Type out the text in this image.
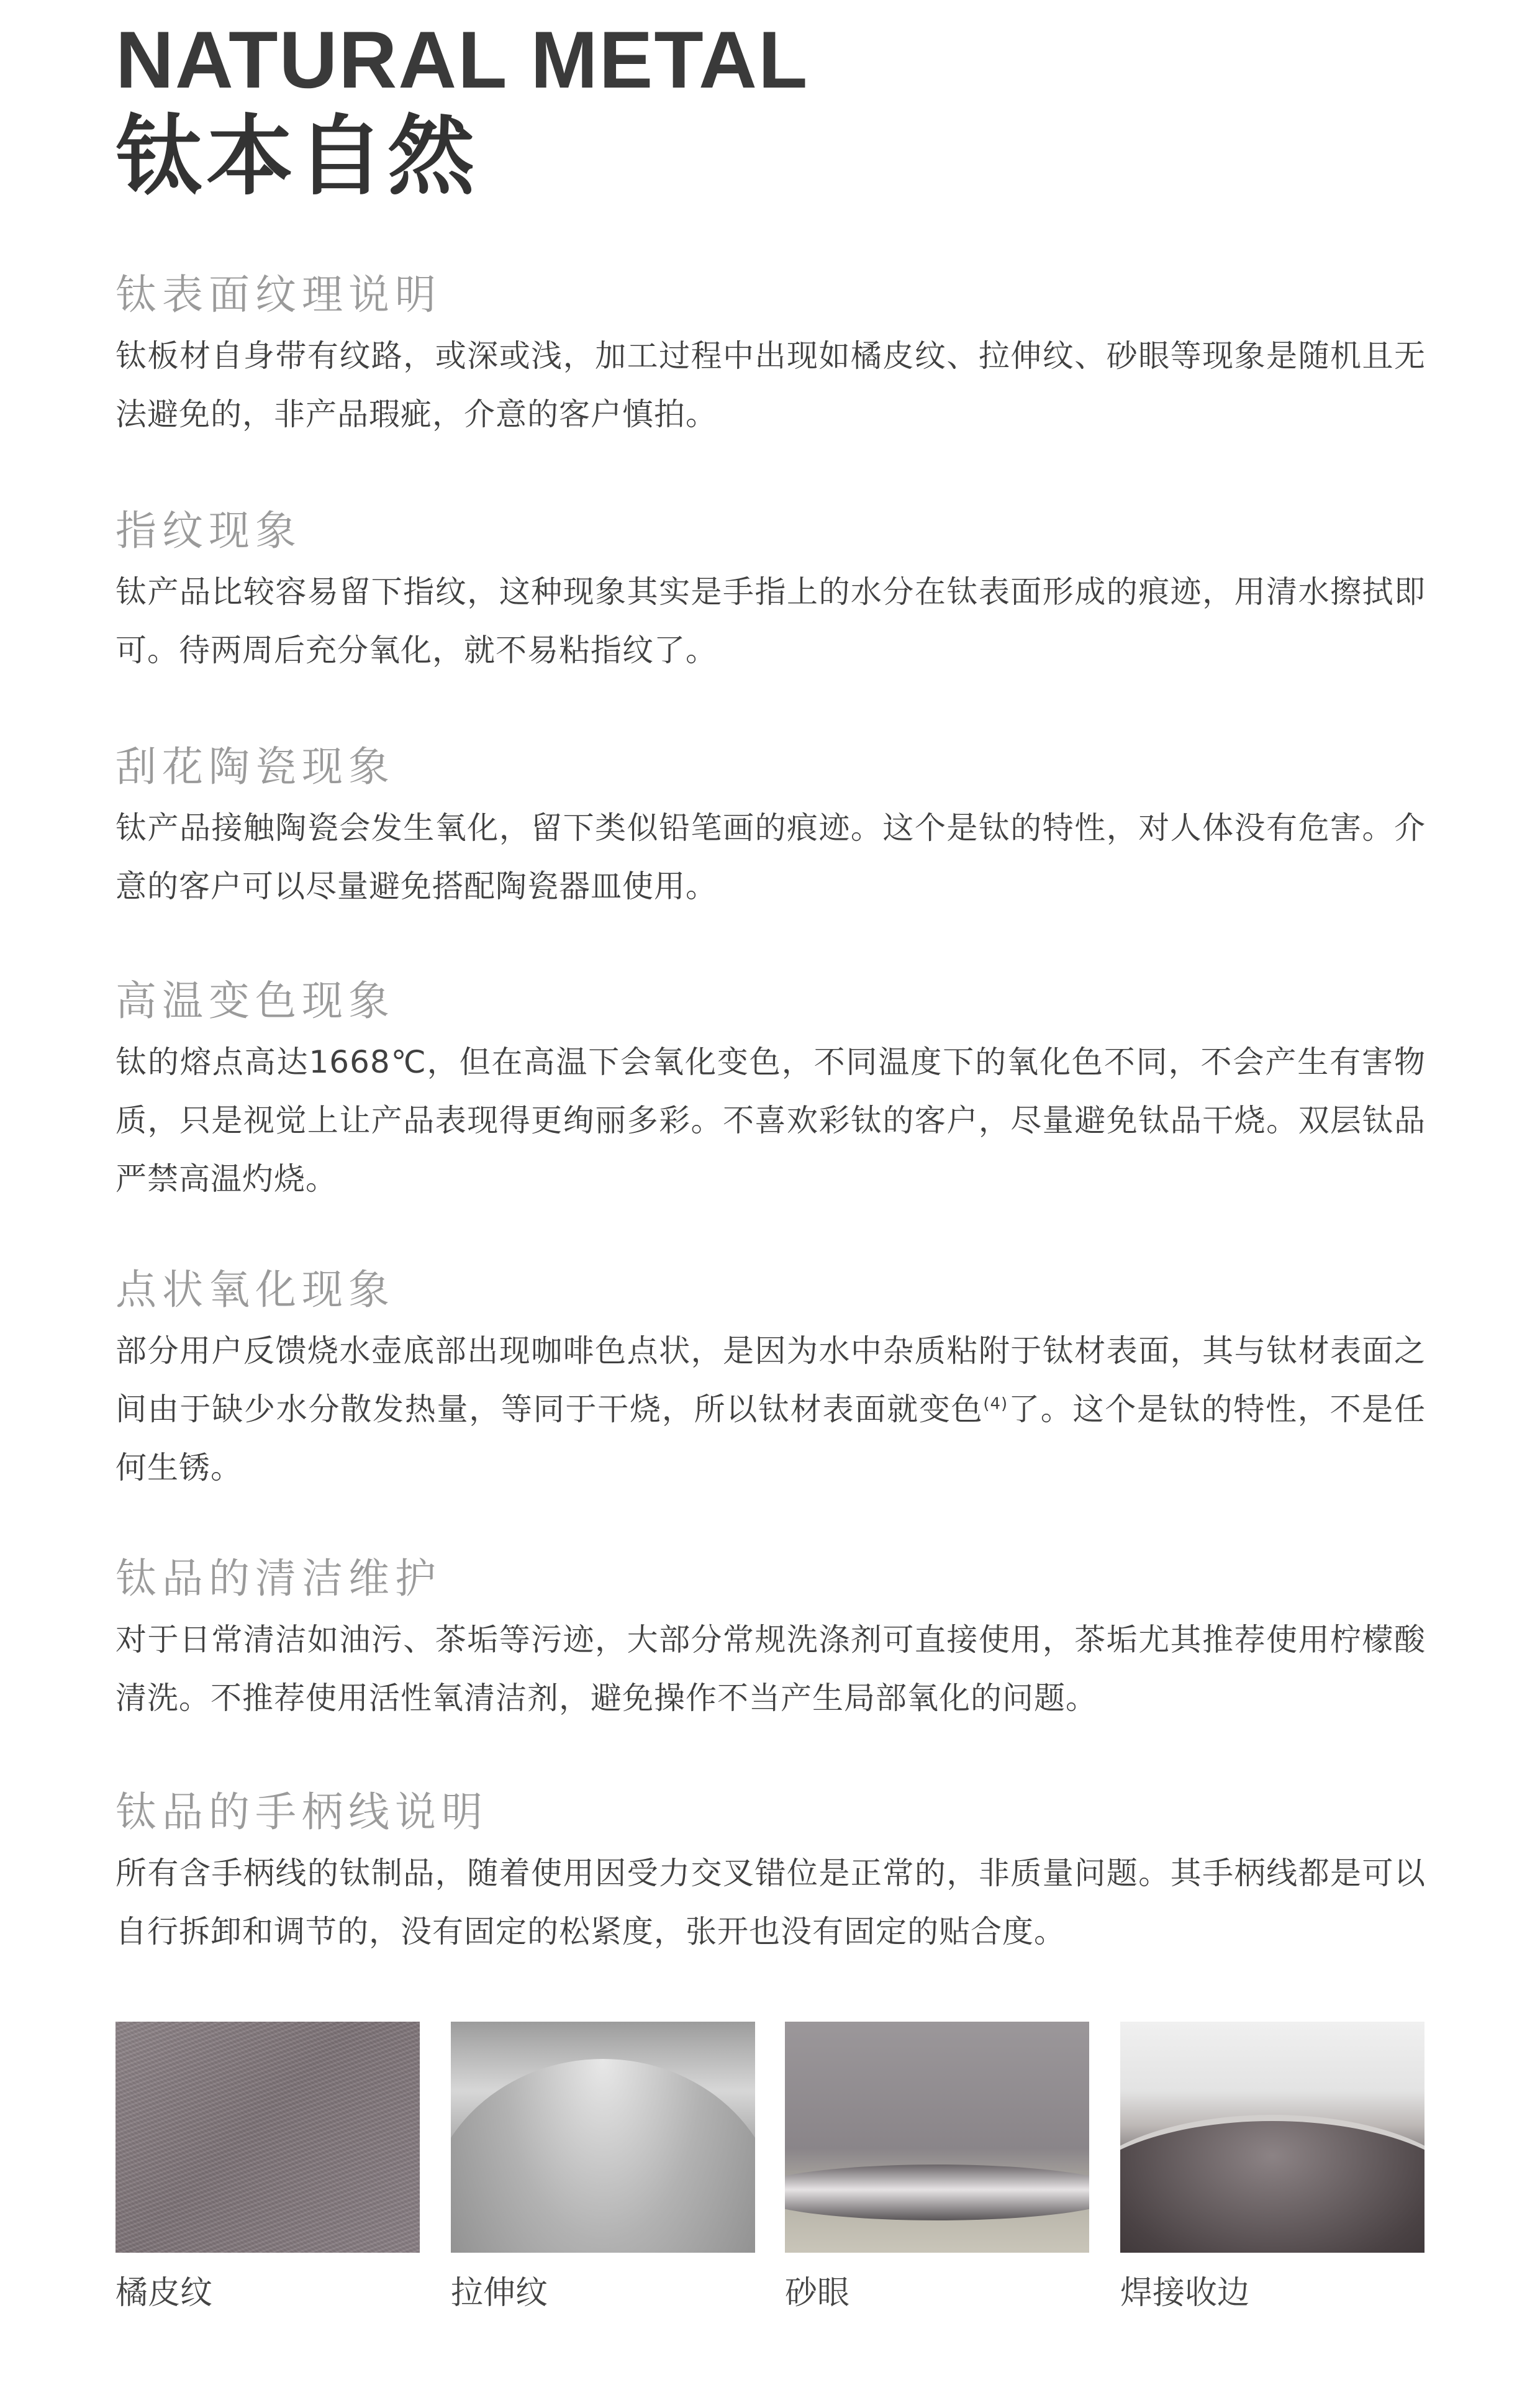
NATURAL METAL
钛本自然
钛表面纹理说明

钛板材自身带有纹路，或深或浅，加工过程中出现如橘皮纹、拉伸纹、砂眼等现象是随机且无法避免的，非产品瑕疵，介意的客户慎拍。

指纹现象

钛产品比较容易留下指纹，这种现象其实是手指上的水分在钛表面形成的痕迹，用清水擦拭即可。待两周后充分氧化，就不易粘指纹了。

刮花陶瓷现象

钛产品接触陶瓷会发生氧化，留下类似铅笔画的痕迹。这个是钛的特性，对人体没有危害。介意的客户可以尽量避免搭配陶瓷器皿使用。

高温变色现象

钛的熔点高达1668℃，但在高温下会氧化变色，不同温度下的氧化色不同，不会产生有害物质，只是视觉上让产品表现得更绚丽多彩。不喜欢彩钛的客户，尽量避免钛品干烧。双层钛品严禁高温灼烧。

点状氧化现象

部分用户反馈烧水壶底部出现咖啡色点状，是因为水中杂质粘附于钛材表面，其与钛材表面之间由于缺少水分散发热量，等同于干烧，所以钛材表面就变色$^{(4)}$了。这个是钛的特性，不是任何生锈。

钛品的清洁维护

对于日常清洁如油污、茶垢等污迹，大部分常规洗涤剂可直接使用，茶垢尤其推荐使用柠檬酸清洗。不推荐使用活性氧清洁剂，避免操作不当产生局部氧化的问题。

钛品的手柄线说明

所有含手柄线的钛制品，随着使用因受力交叉错位是正常的，非质量问题。其手柄线都是可以自行拆卸和调节的，没有固定的松紧度，张开也没有固定的贴合度。

橘皮纹	拉伸纹	砂眼	焊接收边
